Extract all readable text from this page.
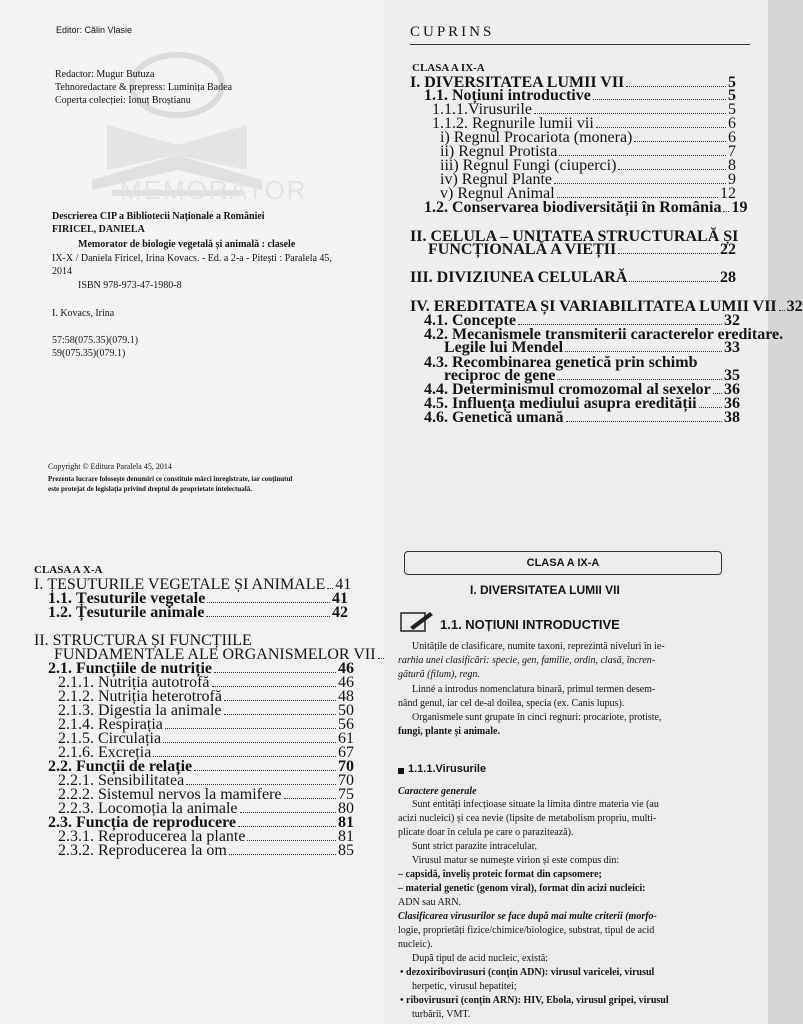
MEMORATOR
Editor: Călin Vlasie
Redactor: Mugur Butuza
Tehnoredactare & prepress: Luminița Badea
Coperta colecției: Ionuț Broștianu
Descrierea CIP a Bibliotecii Naționale a României
FIRICEL, DANIELA
Memorator de biologie vegetală și animală : clasele
IX-X / Daniela Firicel, Irina Kovacs. - Ed. a 2-a - Pitești : Paralela 45,
2014
ISBN 978-973-47-1980-8
I. Kovacs, Irina
57:58(075.35)(079.1)
59(075.35)(079.1)
Copyright © Editura Paralela 45, 2014
Prezenta lucrare folosește denumiri ce constituie mărci înregistrate, iar conținutul
este protejat de legislația privind dreptul de proprietate intelectuală.
CUPRINS
CLASA A IX-A
I. DIVERSITATEA LUMII VII	5
1.1. Noțiuni introductive	5
1.1.1.Virusurile	5
1.1.2. Regnurile lumii vii	6
i) Regnul Procariota (monera)	6
ii) Regnul Protista	7
iii) Regnul Fungi (ciuperci)	8
iv) Regnul Plante	9
v) Regnul Animal	12
1.2. Conservarea biodiversității în România 19
II. CELULA – UNITATEA STRUCTURALĂ ȘI
FUNCȚIONALĂ A VIEȚII	22
III. DIVIZIUNEA CELULARĂ	28
IV. EREDITATEA ȘI VARIABILITATEA LUMII VII 32
4.1. Concepte	32
4.2. Mecanismele transmiterii caracterelor ereditare.
Legile lui Mendel	33
4.3. Recombinarea genetică prin schimb
reciproc de gene	35
4.4. Determinismul cromozomal al sexelor 36
4.5. Influența mediului asupra eredității 36
4.6. Genetică umană	38
CLASA A X-A
I. ȚESUTURILE VEGETALE ȘI ANIMALE 41
1.1. Țesuturile vegetale	41
1.2. Țesuturile animale	42
II. STRUCTURA ȘI FUNCȚIILE
FUNDAMENTALE ALE ORGANISMELOR VII
2.1. Funcțiile de nutriție	46
2.1.1. Nutriția autotrofă	46
2.1.2. Nutriția heterotrofă	48
2.1.3. Digestia la animale	50
2.1.4. Respirația	56
2.1.5. Circulația	61
2.1.6. Excreția	67
2.2. Funcții de relație	70
2.2.1. Sensibilitatea	70
2.2.2. Sistemul nervos la mamifere	75
2.2.3. Locomoția la animale	80
2.3. Funcția de reproducere	81
2.3.1. Reproducerea la plante	81
2.3.2. Reproducerea la om	85
CLASA A IX-A
I. DIVERSITATEA LUMII VII
1.1. NOȚIUNI INTRODUCTIVE
Unitățile de clasificare, numite taxoni, reprezintă niveluri în ie-
rarhia unei clasificări: specie, gen, familie, ordin, clasă, încren-
gătură (filum), regn.
Linné a introdus nomenclatura binară, primul termen desem-
nând genul, iar cel de-al doilea, specia (ex. Canis lupus).
Organismele sunt grupate în cinci regnuri: procariote, protiste,
fungi, plante și animale.
1.1.1.Virusurile
Caractere generale
Sunt entități infecțioase situate la limita dintre materia vie (au
acizi nucleici) și cea nevie (lipsite de metabolism propriu, multi-
plicate doar în celula pe care o parazitează).
Sunt strict parazite intracelular.
Virusul matur se numește virion și este compus din:
– capsidă, înveliș proteic format din capsomere;
– material genetic (genom viral), format din acizi nucleici:
ADN sau ARN.
Clasificarea virusurilor se face după mai multe criterii (morfo-
logie, proprietăți fizice/chimice/biologice, substrat, tipul de acid
nucleic).
După tipul de acid nucleic, există:
• dezoxiribovirusuri (conțin ADN): virusul varicelei, virusul
herpetic, virusul hepatitei;
• ribovirusuri (conțin ARN): HIV, Ebola, virusul gripei, virusul
turbării, VMT.
